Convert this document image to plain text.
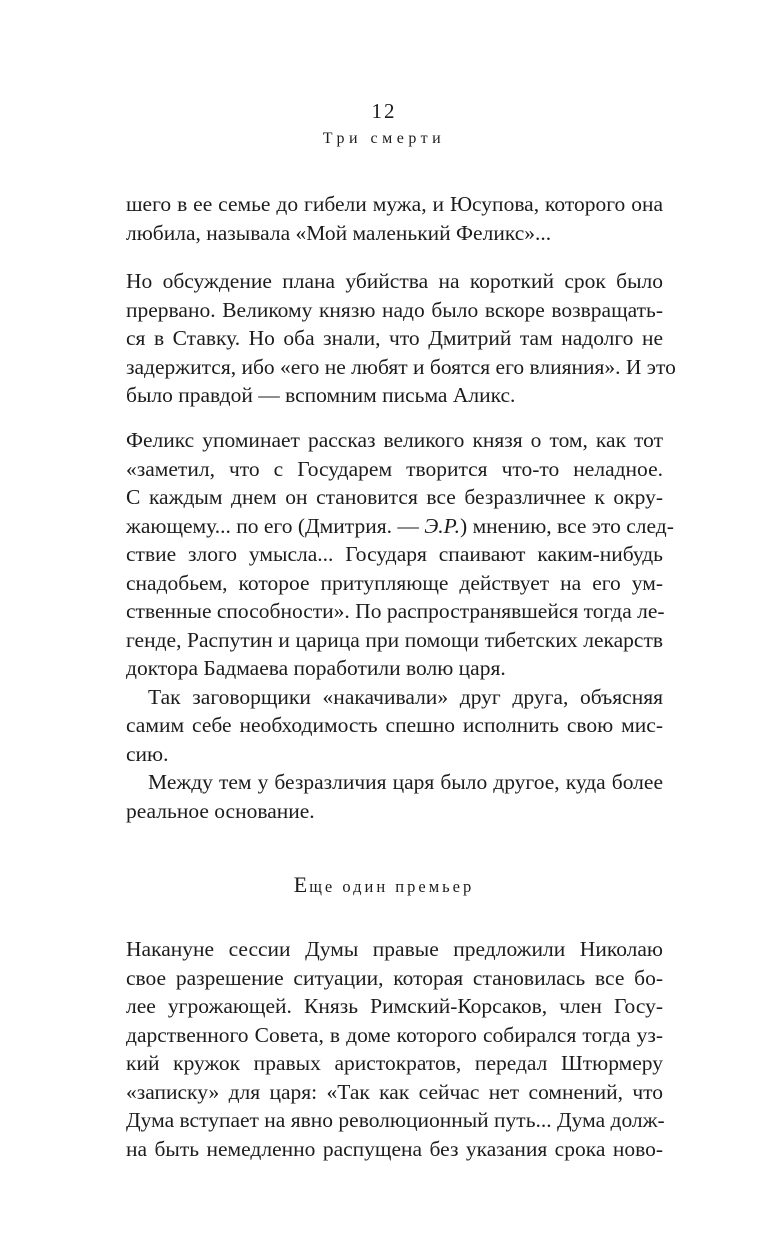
12
Три смерти
шего в ее семье до гибели мужа, и Юсупова, которого она
любила, называла «Мой маленький Феликс»...
Но обсуждение плана убийства на короткий срок было
прервано. Великому князю надо было вскоре возвращать-
ся в Ставку. Но оба знали, что Дмитрий там надолго не
задержится, ибо «его не любят и боятся его влияния». И это
было правдой — вспомним письма Аликс.
Феликс упоминает рассказ великого князя о том, как тот
«заметил, что с Государем творится что-то неладное.
С каждым днем он становится все безразличнее к окру-
жающему... по его (Дмитрия. — Э.Р.) мнению, все это след-
ствие злого умысла... Государя спаивают каким-нибудь
снадобьем, которое притупляюще действует на его ум-
ственные способности». По распространявшейся тогда ле-
генде, Распутин и царица при помощи тибетских лекарств
доктора Бадмаева поработили волю царя.
Так заговорщики «накачивали» друг друга, объясняя
самим себе необходимость спешно исполнить свою мис-
сию.
Между тем у безразличия царя было другое, куда более
реальное основание.
Еще один премьер
Накануне сессии Думы правые предложили Николаю
свое разрешение ситуации, которая становилась все бо-
лее угрожающей. Князь Римский-Корсаков, член Госу-
дарственного Совета, в доме которого собирался тогда уз-
кий кружок правых аристократов, передал Штюрмеру
«записку» для царя: «Так как сейчас нет сомнений, что
Дума вступает на явно революционный путь... Дума долж-
на быть немедленно распущена без указания срока ново-
